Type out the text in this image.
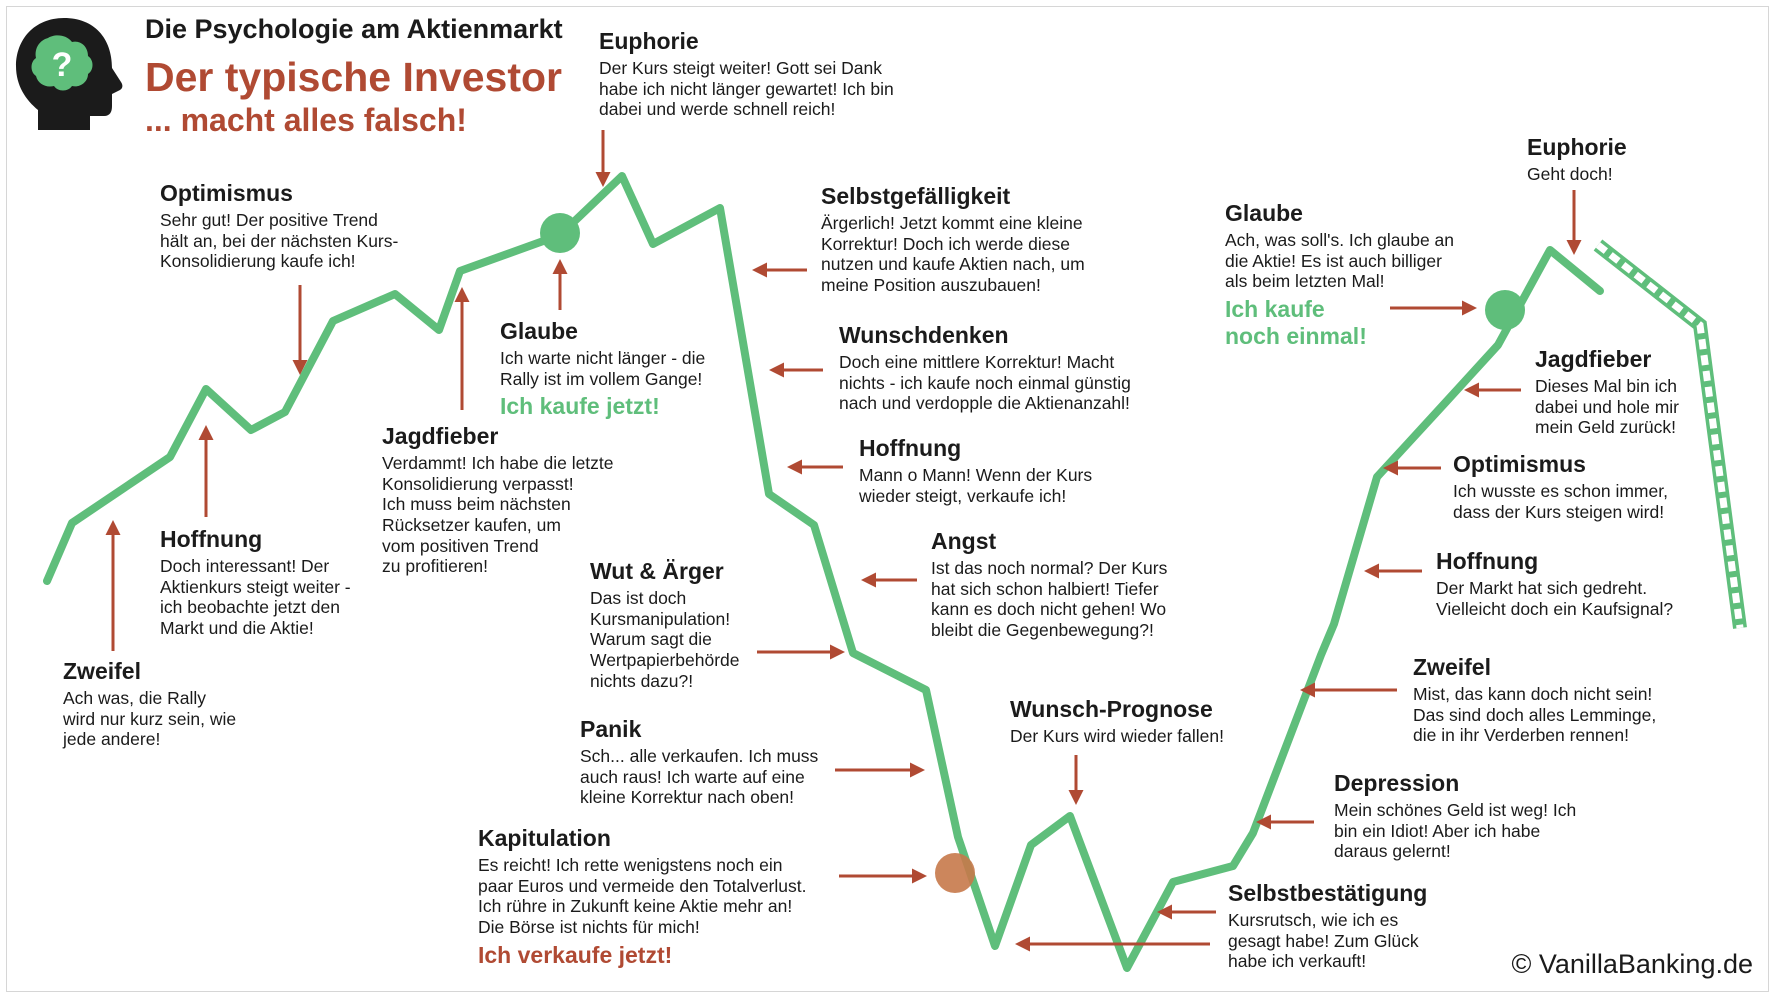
?
Die Psychologie am Aktienmarkt
Der typische Investor
... macht alles falsch!
Zweifel

Ach was, die Rally
wird nur kurz sein, wie
jede andere!

Hoffnung

Doch interessant! Der
Aktienkurs steigt weiter -
ich beobachte jetzt den
Markt und die Aktie!

Optimismus

Sehr gut! Der positive Trend
hält an, bei der nächsten Kurs-
Konsolidierung kaufe ich!

Jagdfieber

Verdammt! Ich habe die letzte
Konsolidierung verpasst!
Ich muss beim nächsten
Rücksetzer kaufen, um
vom positiven Trend
zu profitieren!

Glaube

Ich warte nicht länger - die
Rally ist im vollem Gange!

Ich kaufe jetzt!
Euphorie

Der Kurs steigt weiter! Gott sei Dank
habe ich nicht länger gewartet! Ich bin
dabei und werde schnell reich!

Selbstgefälligkeit

Ärgerlich! Jetzt kommt eine kleine
Korrektur! Doch ich werde diese
nutzen und kaufe Aktien nach, um
meine Position auszubauen!

Wunschdenken

Doch eine mittlere Korrektur! Macht
nichts - ich kaufe noch einmal günstig
nach und verdopple die Aktienanzahl!

Hoffnung

Mann o Mann! Wenn der Kurs
wieder steigt, verkaufe ich!

Angst

Ist das noch normal? Der Kurs
hat sich schon halbiert! Tiefer
kann es doch nicht gehen! Wo
bleibt die Gegenbewegung?!

Wut & Ärger

Das ist doch
Kursmanipulation!
Warum sagt die
Wertpapierbehörde
nichts dazu?!

Panik

Sch... alle verkaufen. Ich muss
auch raus! Ich warte auf eine
kleine Korrektur nach oben!

Kapitulation

Es reicht! Ich rette wenigstens noch ein
paar Euros und vermeide den Totalverlust.
Ich rühre in Zukunft keine Aktie mehr an!
Die Börse ist nichts für mich!

Ich verkaufe jetzt!
Wunsch-Prognose

Der Kurs wird wieder fallen!

Selbstbestätigung

Kursrutsch, wie ich es
gesagt habe! Zum Glück
habe ich verkauft!

Depression

Mein schönes Geld ist weg! Ich
bin ein Idiot! Aber ich habe
daraus gelernt!

Zweifel

Mist, das kann doch nicht sein!
Das sind doch alles Lemminge,
die in ihr Verderben rennen!

Hoffnung

Der Markt hat sich gedreht.
Vielleicht doch ein Kaufsignal?

Optimismus

Ich wusste es schon immer,
dass der Kurs steigen wird!

Jagdfieber

Dieses Mal bin ich
dabei und hole mir
mein Geld zurück!

Glaube

Ach, was soll's. Ich glaube an
die Aktie! Es ist auch billiger
als beim letzten Mal!

Ich kaufe
noch einmal!
Euphorie

Geht doch!

© VanillaBanking.de
